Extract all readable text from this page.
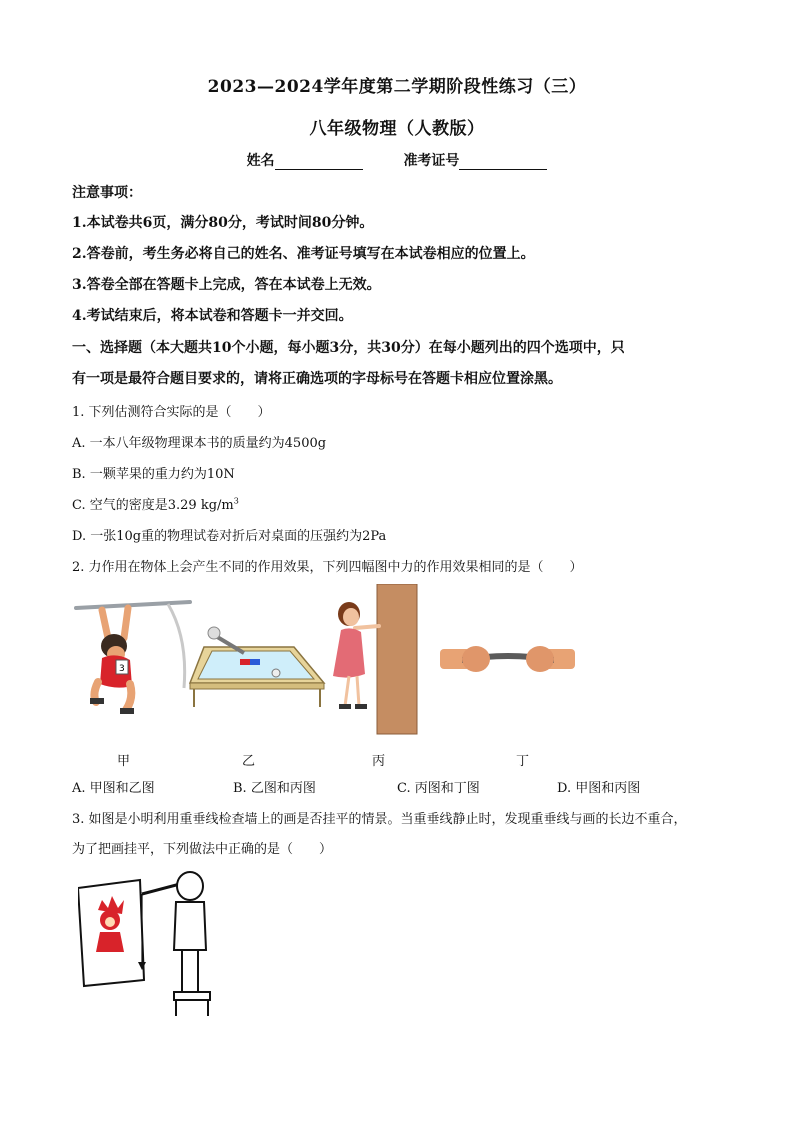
2023—2024学年度第二学期阶段性练习（三）
八年级物理（人教版）
姓名	准考证号
注意事项：
1.本试卷共6页，满分80分，考试时间80分钟。
2.答卷前，考生务必将自己的姓名、准考证号填写在本试卷相应的位置上。
3.答卷全部在答题卡上完成，答在本试卷上无效。
4.考试结束后，将本试卷和答题卡一并交回。
一、选择题（本大题共10个小题，每小题3分，共30分）在每小题列出的四个选项中，只
有一项是最符合题目要求的，请将正确选项的字母标号在答题卡相应位置涂黑。
1. 下列估测符合实际的是（　　）
A. 一本八年级物理课本书的质量约为4500g
B. 一颗苹果的重力约为10N
C. 空气的密度是3.29 $kg/m^3$
D. 一张10g重的物理试卷对折后对桌面的压强约为2Pa
2. 力作用在物体上会产生不同的作用效果，下列四幅图中力的作用效果相同的是（　　）
3
甲	乙	丙	丁
A. 甲图和乙图	B. 乙图和丙图	C. 丙图和丁图	D. 甲图和丙图
3. 如图是小明利用重垂线检查墙上的画是否挂平的情景。当重垂线静止时，发现重垂线与画的长边不重合，
为了把画挂平，下列做法中正确的是（　　）
